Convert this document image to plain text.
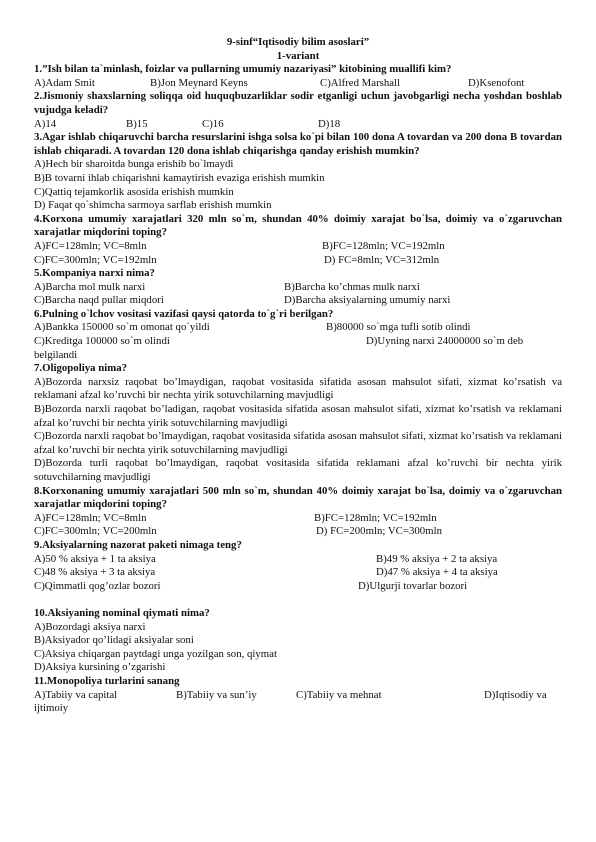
9-sinf“Iqtisodiy bilim asoslari”
1-variant
1.”Ish bilan ta`minlash, foizlar va pullarning umumiy nazariyasi” kitobining muallifi kim?
A)Adam Smit	B)Jon Meynard Keyns	C)Alfred Marshall	D)Ksenofont
2.Jismoniy shaxslarning soliqqa oid huquqbuzarliklar sodir etganligi uchun javobgarligi necha yoshdan boshlab vujudga keladi?
A)14	B)15	C)16	D)18
3.Agar ishlab chiqaruvchi barcha resurslarini ishga solsa ko`pi bilan 100 dona A tovardan va 200 dona B tovardan ishlab chiqaradi. A tovardan 120 dona ishlab chiqarishga qanday erishish mumkin?
A)Hech bir sharoitda bunga erishib bo`lmaydi
B)B tovarni ihlab chiqarishni kamaytirish evaziga erishish mumkin
C)Qattiq tejamkorlik asosida erishish mumkin
D) Faqat qo`shimcha sarmoya sarflab erishish mumkin
4.Korxona umumiy xarajatlari 320 mln so`m, shundan 40% doimiy xarajat bo`lsa, doimiy va o`zgaruvchan xarajatlar miqdorini toping?
A)FC=128mln; VC=8mln	B)FC=128mln; VC=192mln
C)FC=300mln; VC=192mln	D) FC=8mln; VC=312mln
5.Kompaniya narxi nima?
A)Barcha mol mulk narxi	B)Barcha ko’chmas mulk narxi
C)Barcha naqd pullar miqdori	D)Barcha aksiyalarning umumiy narxi
6.Pulning o`lchov vositasi vazifasi qaysi qatorda to`g`ri berilgan?
A)Bankka 150000 so`m omonat qo`yildi	B)80000 so`mga tufli sotib olindi
C)Kreditga 100000 so`m olindi	D)Uyning narxi 24000000 so`m deb
belgilandi
7.Oligopoliya nima?
A)Bozorda narxsiz raqobat bo’lmaydigan, raqobat vositasida sifatida asosan mahsulot sifati, xizmat ko’rsatish va reklamani afzal ko’ruvchi bir nechta yirik sotuvchilarning mavjudligi
B)Bozorda narxli raqobat bo’ladigan, raqobat vositasida sifatida asosan mahsulot sifati, xizmat ko’rsatish va reklamani afzal ko’ruvchi bir nechta yirik sotuvchilarning mavjudligi
C)Bozorda narxli raqobat bo’lmaydigan, raqobat vositasida sifatida asosan mahsulot sifati, xizmat ko’rsatish va reklamani afzal ko’ruvchi bir nechta yirik sotuvchilarning mavjudligi
D)Bozorda turli raqobat bo’lmaydigan, raqobat vositasida sifatida reklamani afzal ko’ruvchi bir nechta yirik sotuvchilarning mavjudligi
8.Korxonaning umumiy xarajatlari 500 mln so`m, shundan 40% doimiy xarajat bo`lsa, doimiy va o`zgaruvchan xarajatlar miqdorini toping?
A)FC=128mln; VC=8mln	B)FC=128mln; VC=192mln
C)FC=300mln; VC=200mln	D) FC=200mln; VC=300mln
9.Aksiyalarning nazorat paketi nimaga teng?
A)50 % aksiya + 1 ta aksiya	B)49 % aksiya + 2 ta aksiya
C)48 % aksiya + 3 ta aksiya	D)47 % aksiya + 4 ta aksiya
C)Qimmatli qog’ozlar bozori	D)Ulgurji tovarlar bozori
10.Aksiyaning nominal qiymati nima?
A)Bozordagi aksiya narxi
B)Aksiyador qo’lidagi aksiyalar soni
C)Aksiya chiqargan paytdagi unga yozilgan son, qiymat
D)Aksiya kursining o’zgarishi
11.Monopoliya turlarini sanang
A)Tabiiy va capital	B)Tabiiy va sun’iy	C)Tabiiy va mehnat	D)Iqtisodiy va
ijtimoiy
